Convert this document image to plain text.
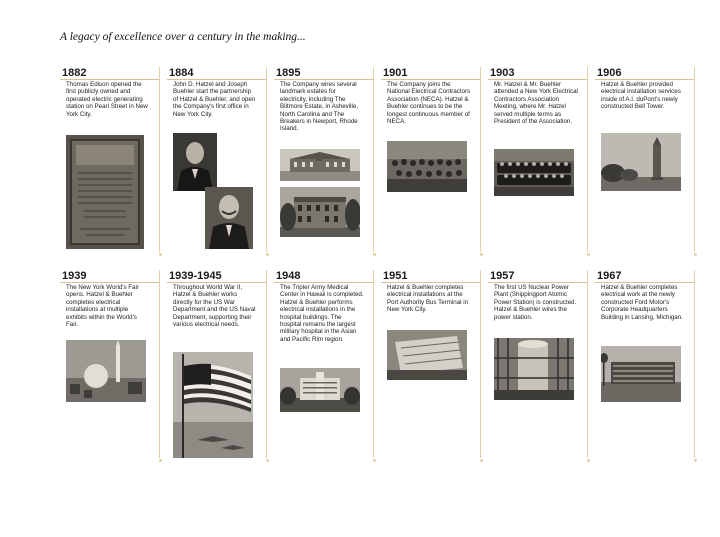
A legacy of excellence over a century in the making...
1882
Thomas Edison opened the first publicly owned and operated electric generating station on Pearl Street in New York City.
1884
John D. Hatzel and Joseph Buehler start the partnership of Hatzel & Buehler, and open the Company's first office in New York City.
1895
The Company wires several landmark estates for electricity, including The Biltmore Estate, in Asheville, North Carolina and The Breakers in Newport, Rhode Island.
1901
The Company joins the National Electrical Contractors Association (NECA). Hatzel & Buehler continues to be the longest continuous member of NECA.
1903
Mr. Hatzel & Mr. Buehler attended a New York Electrical Contractors Association Meeting, where Mr. Hatzel served multiple terms as President of the Association.
1906
Hatzel & Buehler provided electrical installation services inside of A.I. duPont's newly constructed Bell Tower.
1939
The New York World's Fair opens. Hatzel & Buehler completes electrical installations at multiple exhibits within the World's Fair.
1939-1945
Throughout World War II, Hatzel & Buehler works directly for the US War Department and the US Naval Department, supporting their various electrical needs.
1948
The Tripler Army Medical Center in Hawaii is completed. Hatzel & Buehler performs electrical installations in the hospital buildings. The hospital remains the largest military hospital in the Asian and Pacific Rim region.
1951
Hatzel & Buehler completes electrical installations at the Port Authority Bus Terminal in New York City.
1957
The first US Nuclear Power Plant (Shippingport Atomic Power Station) is constructed. Hatzel & Buehler wires the power station.
1967
Hatzel & Buehler completes electrical work at the newly constructed Ford Motor's Corporate Headquarters Building in Lansing, Michigan.
